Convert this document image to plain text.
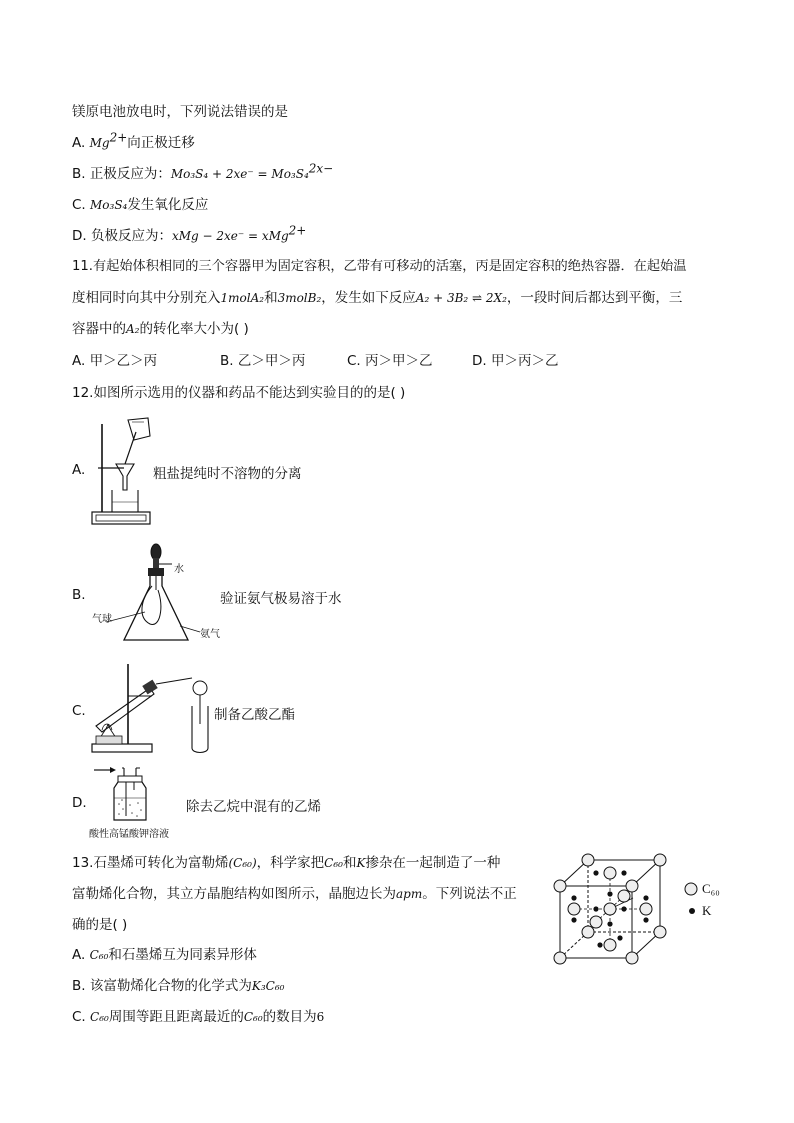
镁原电池放电时，下列说法错误的是
A. $Mg^{2+}$向正极迁移
B. 正极反应为：Mo₃S₄ + 2xe⁻ = Mo₃S₄$^{2x-}$
C. Mo₃S₄发生氧化反应
D. 负极反应为：xMg − 2xe⁻ = xMg$^{2+}$
11.有起始体积相同的三个容器甲为固定容积，乙带有可移动的活塞，丙是固定容积的绝热容器．在起始温
度相同时向其中分别充入1molA₂和3molB₂，发生如下反应A₂ + 3B₂ ⇌ 2X₂，一段时间后都达到平衡，三
容器中的A₂的转化率大小为( )
A. 甲＞乙＞丙	B. 乙＞甲＞丙	C. 丙＞甲＞乙	D. 甲＞丙＞乙
12.如图所示选用的仪器和药品不能达到实验目的的是( )
A.	粗盐提纯时不溶物的分离
B.
水
气球
氨气
验证氨气极易溶于水
C.	制备乙酸乙酯
D.
酸性高锰酸钾溶液
除去乙烷中混有的乙烯
13.石墨烯可转化为富勒烯(C₆₀)，科学家把C₆₀和K掺杂在一起制造了一种
富勒烯化合物，其立方晶胞结构如图所示，晶胞边长为apm。下列说法不正
确的是( )
C₆₀
K
A. C₆₀和石墨烯互为同素异形体
B. 该富勒烯化合物的化学式为K₃C₆₀
C. C₆₀周围等距且距离最近的C₆₀的数目为6
